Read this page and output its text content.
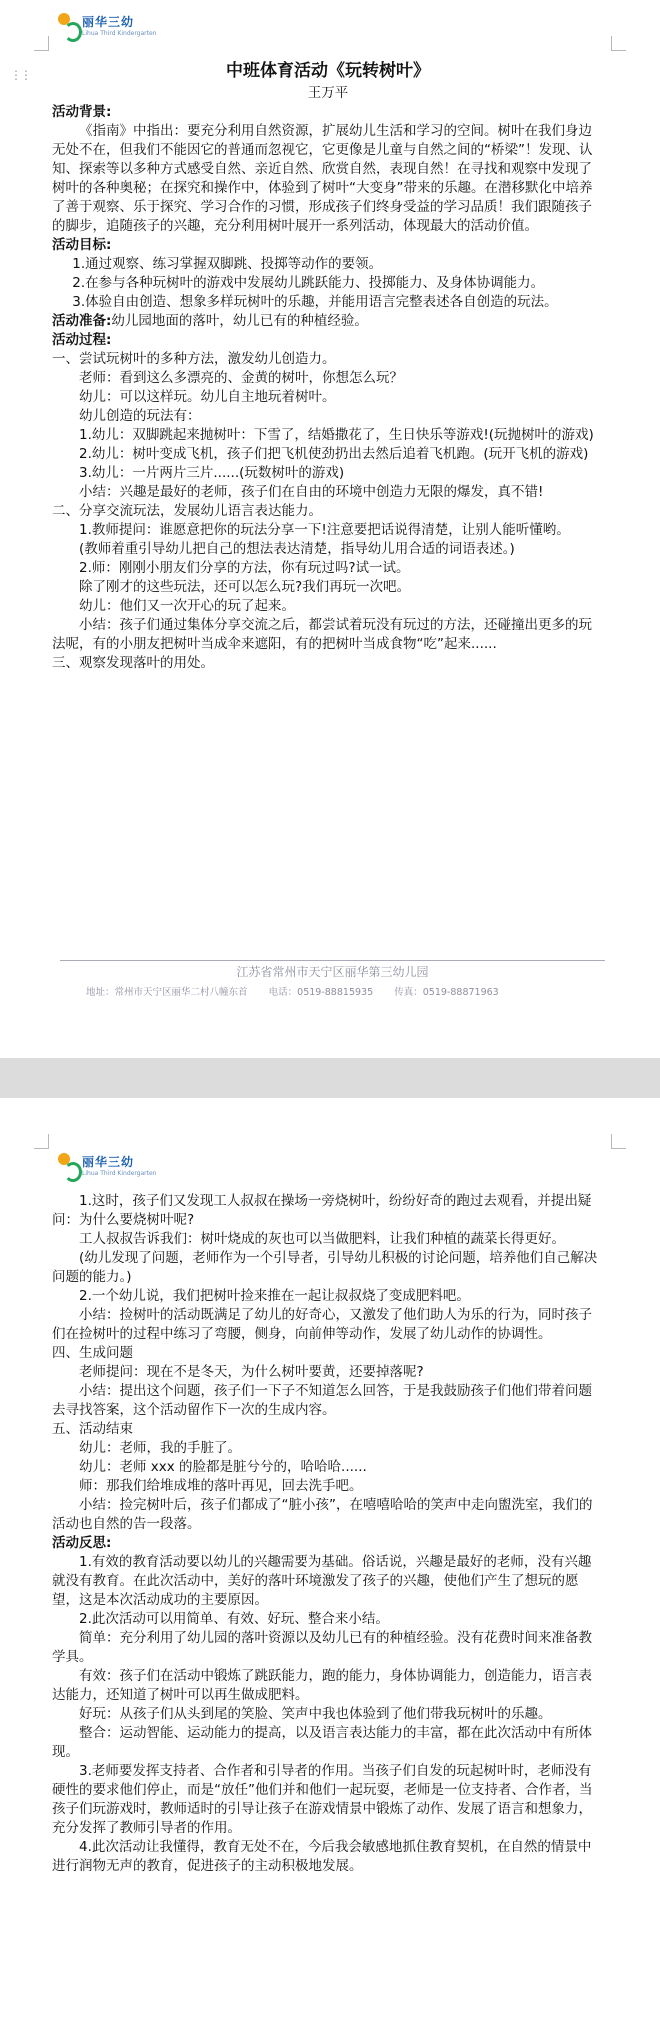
⋮⋮
丽华三幼
Lihua Third Kindergarten

中班体育活动《玩转树叶》

王万平

活动背景:

《指南》中指出：要充分利用自然资源，扩展幼儿生活和学习的空间。树叶在我们身边无处不在，但我们不能因它的普通而忽视它，它更像是儿童与自然之间的“桥梁”！发现、认知、探索等以多种方式感受自然、亲近自然、欣赏自然，表现自然！在寻找和观察中发现了树叶的各种奥秘；在探究和操作中，体验到了树叶“大变身”带来的乐趣。在潜移默化中培养了善于观察、乐于探究、学习合作的习惯，形成孩子们终身受益的学习品质！我们跟随孩子的脚步，追随孩子的兴趣，充分利用树叶展开一系列活动，体现最大的活动价值。

活动目标:

1.通过观察、练习掌握双脚跳、投掷等动作的要领。

2.在参与各种玩树叶的游戏中发展幼儿跳跃能力、投掷能力、及身体协调能力。

3.体验自由创造、想象多样玩树叶的乐趣，并能用语言完整表述各自创造的玩法。

活动准备:幼儿园地面的落叶，幼儿已有的种植经验。

活动过程:

一、尝试玩树叶的多种方法，激发幼儿创造力。

老师：看到这么多漂亮的、金黄的树叶，你想怎么玩？

幼儿：可以这样玩。幼儿自主地玩着树叶。

幼儿创造的玩法有：

1.幼儿：双脚跳起来抛树叶：下雪了，结婚撒花了，生日快乐等游戏!(玩抛树叶的游戏)

2.幼儿：树叶变成飞机，孩子们把飞机使劲扔出去然后追着飞机跑。(玩开飞机的游戏)

3.幼儿：一片两片三片......(玩数树叶的游戏)

小结：兴趣是最好的老师，孩子们在自由的环境中创造力无限的爆发，真不错!

二、分享交流玩法，发展幼儿语言表达能力。

1.教师提问：谁愿意把你的玩法分享一下!注意要把话说得清楚，让别人能听懂哟。

(教师着重引导幼儿把自己的想法表达清楚，指导幼儿用合适的词语表述。)

2.师：刚刚小朋友们分享的方法，你有玩过吗?试一试。

除了刚才的这些玩法，还可以怎么玩?我们再玩一次吧。

幼儿：他们又一次开心的玩了起来。

小结：孩子们通过集体分享交流之后，都尝试着玩没有玩过的方法，还碰撞出更多的玩法呢，有的小朋友把树叶当成伞来遮阳，有的把树叶当成食物“吃”起来......

三、观察发现落叶的用处。

江苏省常州市天宁区丽华第三幼儿园
地址：常州市天宁区丽华二村八幢东首 电话：0519-88815935 传真：0519-88871963
丽华三幼
Lihua Third Kindergarten

1.这时，孩子们又发现工人叔叔在操场一旁烧树叶，纷纷好奇的跑过去观看，并提出疑问：为什么要烧树叶呢?

工人叔叔告诉我们：树叶烧成的灰也可以当做肥料，让我们种植的蔬菜长得更好。

(幼儿发现了问题，老师作为一个引导者，引导幼儿积极的讨论问题，培养他们自己解决问题的能力。)

2.一个幼儿说，我们把树叶捡来推在一起让叔叔烧了变成肥料吧。

小结：捡树叶的活动既满足了幼儿的好奇心，又激发了他们助人为乐的行为，同时孩子们在捡树叶的过程中练习了弯腰，侧身，向前伸等动作，发展了幼儿动作的协调性。

四、生成问题

老师提问：现在不是冬天，为什么树叶要黄，还要掉落呢?

小结：提出这个问题，孩子们一下子不知道怎么回答，于是我鼓励孩子们他们带着问题去寻找答案，这个活动留作下一次的生成内容。

五、活动结束

幼儿：老师，我的手脏了。

幼儿：老师 xxx 的脸都是脏兮兮的，哈哈哈......

师：那我们给堆成堆的落叶再见，回去洗手吧。

小结：捡完树叶后，孩子们都成了“脏小孩”，在嘻嘻哈哈的笑声中走向盥洗室，我们的活动也自然的告一段落。

活动反思:

1.有效的教育活动要以幼儿的兴趣需要为基础。俗话说，兴趣是最好的老师，没有兴趣就没有教育。在此次活动中，美好的落叶环境激发了孩子的兴趣，使他们产生了想玩的愿望，这是本次活动成功的主要原因。

2.此次活动可以用简单、有效、好玩、整合来小结。

简单：充分利用了幼儿园的落叶资源以及幼儿已有的种植经验。没有花费时间来准备教学具。

有效：孩子们在活动中锻炼了跳跃能力，跑的能力，身体协调能力，创造能力，语言表达能力，还知道了树叶可以再生做成肥料。

好玩：从孩子们从头到尾的笑脸、笑声中我也体验到了他们带我玩树叶的乐趣。

整合：运动智能、运动能力的提高，以及语言表达能力的丰富，都在此次活动中有所体现。

3.老师要发挥支持者、合作者和引导者的作用。当孩子们自发的玩起树叶时，老师没有硬性的要求他们停止，而是“放任”他们并和他们一起玩耍，老师是一位支持者、合作者，当孩子们玩游戏时，教师适时的引导让孩子在游戏情景中锻炼了动作、发展了语言和想象力，充分发挥了教师引导者的作用。

4.此次活动让我懂得，教育无处不在，今后我会敏感地抓住教育契机，在自然的情景中进行润物无声的教育，促进孩子的主动积极地发展。
